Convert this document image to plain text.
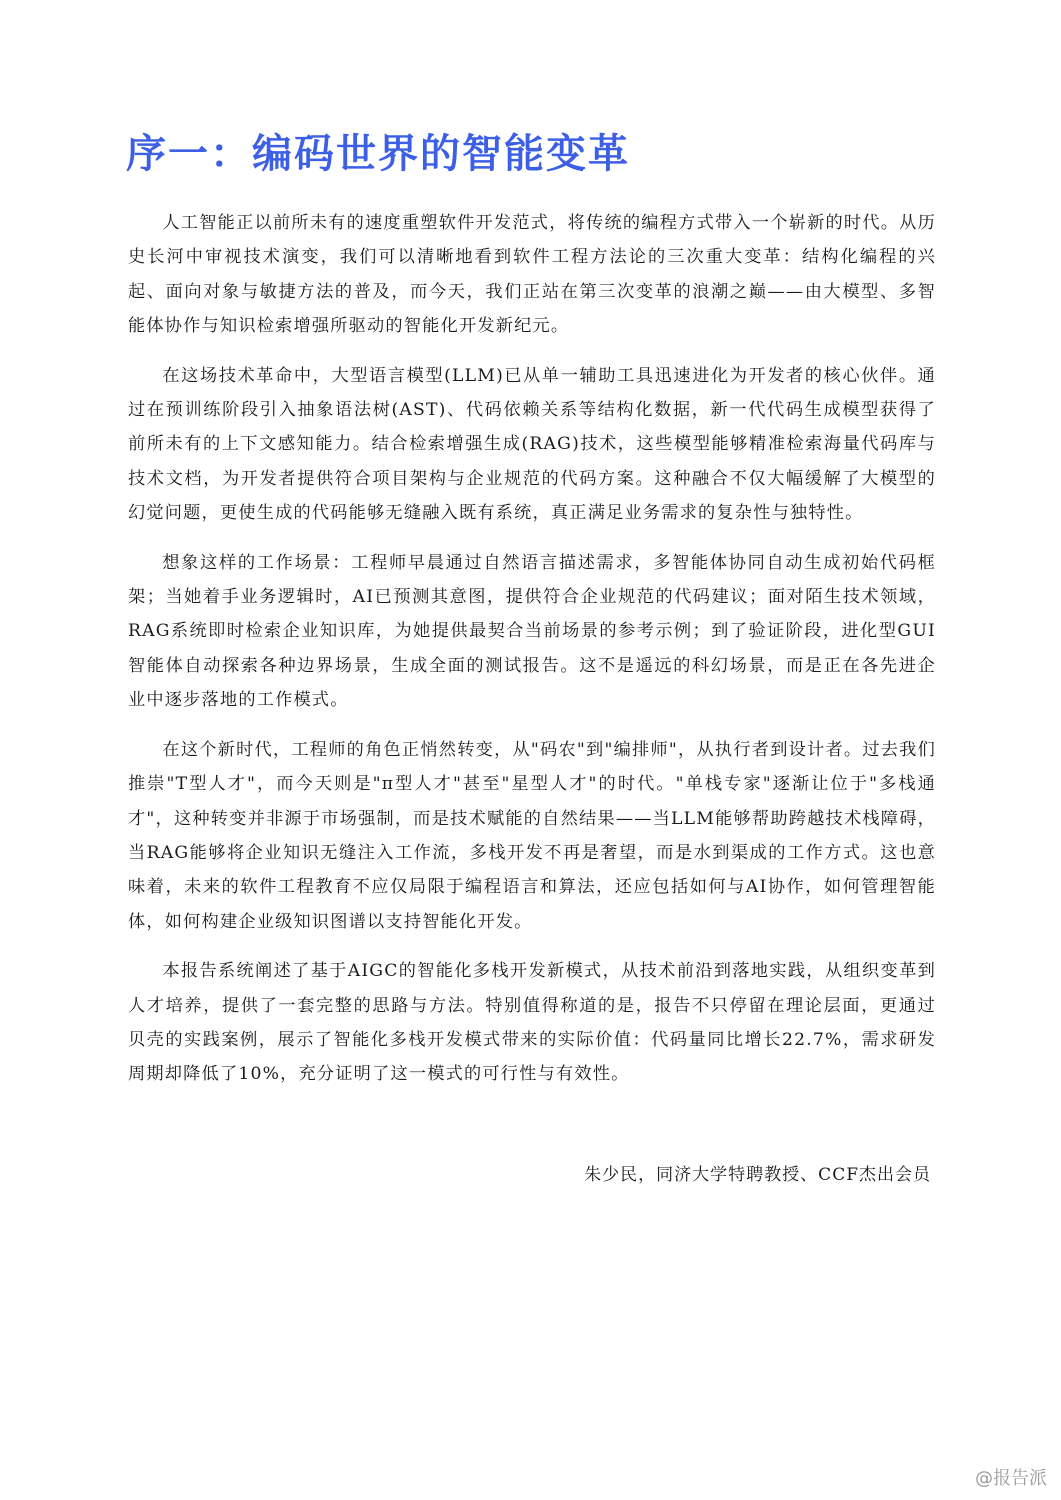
序一：编码世界的智能变革

人工智能正以前所未有的速度重塑软件开发范式，将传统的编程方式带入一个崭新的时代。从历史长河中审视技术演变，我们可以清晰地看到软件工程方法论的三次重大变革：结构化编程的兴起、面向对象与敏捷方法的普及，而今天，我们正站在第三次变革的浪潮之巅——由大模型、多智能体协作与知识检索增强所驱动的智能化开发新纪元。

在这场技术革命中，大型语言模型(LLM)已从单一辅助工具迅速进化为开发者的核心伙伴。通过在预训练阶段引入抽象语法树(AST)、代码依赖关系等结构化数据，新一代代码生成模型获得了前所未有的上下文感知能力。结合检索增强生成(RAG)技术，这些模型能够精准检索海量代码库与技术文档，为开发者提供符合项目架构与企业规范的代码方案。这种融合不仅大幅缓解了大模型的幻觉问题，更使生成的代码能够无缝融入既有系统，真正满足业务需求的复杂性与独特性。

想象这样的工作场景：工程师早晨通过自然语言描述需求，多智能体协同自动生成初始代码框架；当她着手业务逻辑时，AI已预测其意图，提供符合企业规范的代码建议；面对陌生技术领域，RAG系统即时检索企业知识库，为她提供最契合当前场景的参考示例；到了验证阶段，进化型GUI智能体自动探索各种边界场景，生成全面的测试报告。这不是遥远的科幻场景，而是正在各先进企业中逐步落地的工作模式。

在这个新时代，工程师的角色正悄然转变，从"码农"到"编排师"，从执行者到设计者。过去我们推崇"T型人才"，而今天则是"π型人才"甚至"星型人才"的时代。"单栈专家"逐渐让位于"多栈通才"，这种转变并非源于市场强制，而是技术赋能的自然结果——当LLM能够帮助跨越技术栈障碍，当RAG能够将企业知识无缝注入工作流，多栈开发不再是奢望，而是水到渠成的工作方式。这也意味着，未来的软件工程教育不应仅局限于编程语言和算法，还应包括如何与AI协作，如何管理智能体，如何构建企业级知识图谱以支持智能化开发。

本报告系统阐述了基于AIGC的智能化多栈开发新模式，从技术前沿到落地实践，从组织变革到人才培养，提供了一套完整的思路与方法。特别值得称道的是，报告不只停留在理论层面，更通过贝壳的实践案例，展示了智能化多栈开发模式带来的实际价值：代码量同比增长22.7%，需求研发周期却降低了10%，充分证明了这一模式的可行性与有效性。

朱少民，同济大学特聘教授、CCF杰出会员
@报告派
